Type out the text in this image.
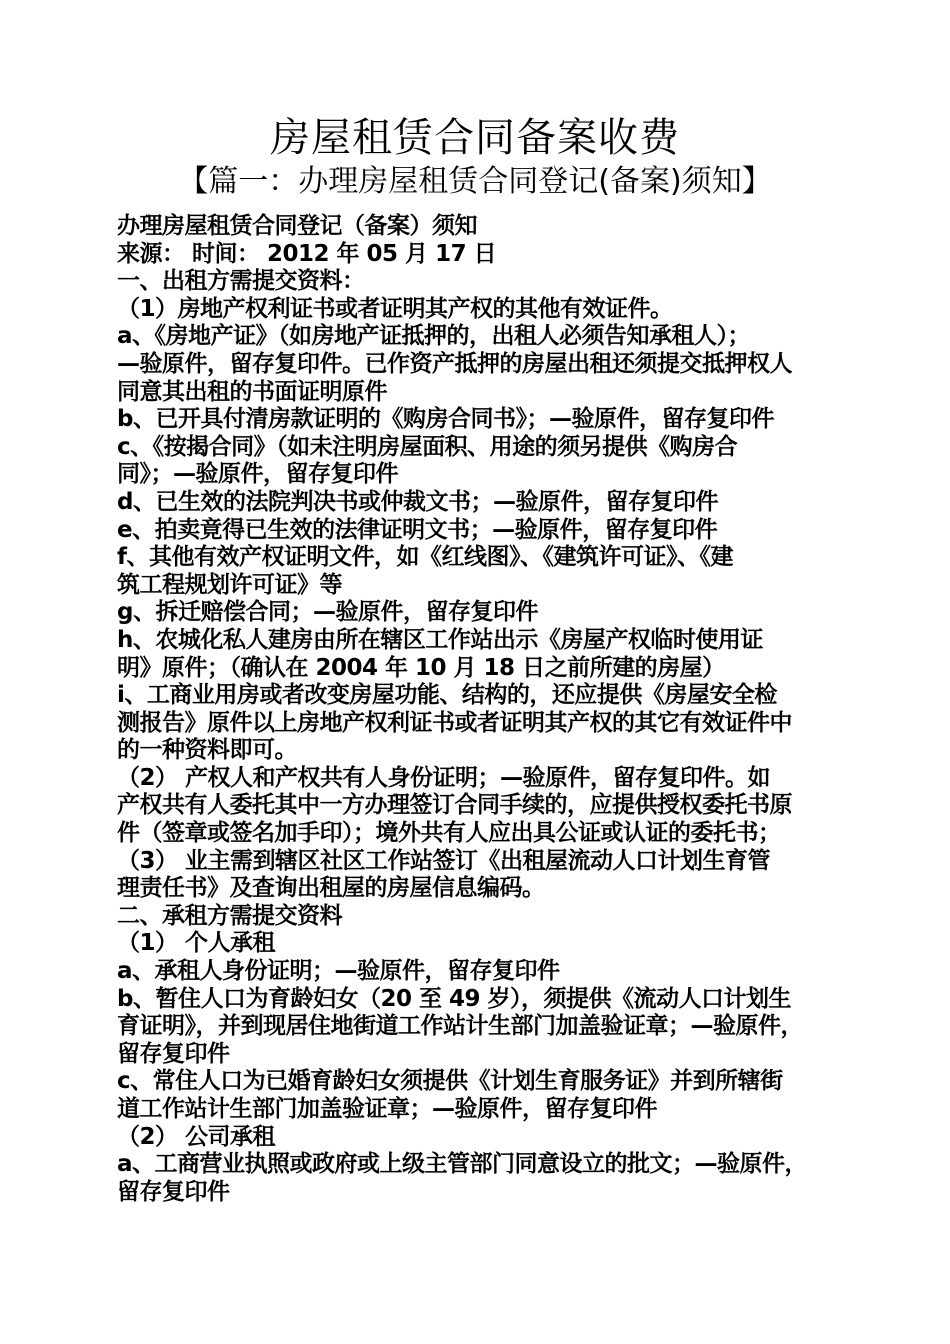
房屋租赁合同备案收费
【篇一：办理房屋租赁合同登记(备案)须知】
办理房屋租赁合同登记（备案）须知
来源： 时间： 2012 年 05 月 17 日
一、出租方需提交资料：
（1）房地产权利证书或者证明其产权的其他有效证件。
a、《房地产证》（如房地产证抵押的，出租人必须告知承租人）；
—验原件，留存复印件。已作资产抵押的房屋出租还须提交抵押权人
同意其出租的书面证明原件
b、已开具付清房款证明的《购房合同书》；—验原件，留存复印件
c、《按揭合同》（如未注明房屋面积、用途的须另提供《购房合
同》；—验原件，留存复印件
d、已生效的法院判决书或仲裁文书；—验原件，留存复印件
e、拍卖竟得已生效的法律证明文书；—验原件，留存复印件
f、其他有效产权证明文件，如《红线图》、《建筑许可证》、《建
筑工程规划许可证》等
g、拆迁赔偿合同；—验原件，留存复印件
h、农城化私人建房由所在辖区工作站出示《房屋产权临时使用证
明》原件；（确认在 2004 年 10 月 18 日之前所建的房屋）
i、工商业用房或者改变房屋功能、结构的，还应提供《房屋安全检
测报告》原件以上房地产权利证书或者证明其产权的其它有效证件中
的一种资料即可。
（2） 产权人和产权共有人身份证明；—验原件，留存复印件。如
产权共有人委托其中一方办理签订合同手续的，应提供授权委托书原
件（签章或签名加手印）；境外共有人应出具公证或认证的委托书；
（3） 业主需到辖区社区工作站签订《出租屋流动人口计划生育管
理责任书》及查询出租屋的房屋信息编码。
二、承租方需提交资料
（1） 个人承租
a、承租人身份证明；—验原件，留存复印件
b、暂住人口为育龄妇女（20 至 49 岁），须提供《流动人口计划生
育证明》，并到现居住地街道工作站计生部门加盖验证章；—验原件，
留存复印件
c、常住人口为已婚育龄妇女须提供《计划生育服务证》并到所辖街
道工作站计生部门加盖验证章；—验原件，留存复印件
（2） 公司承租
a、工商营业执照或政府或上级主管部门同意设立的批文；—验原件，
留存复印件
